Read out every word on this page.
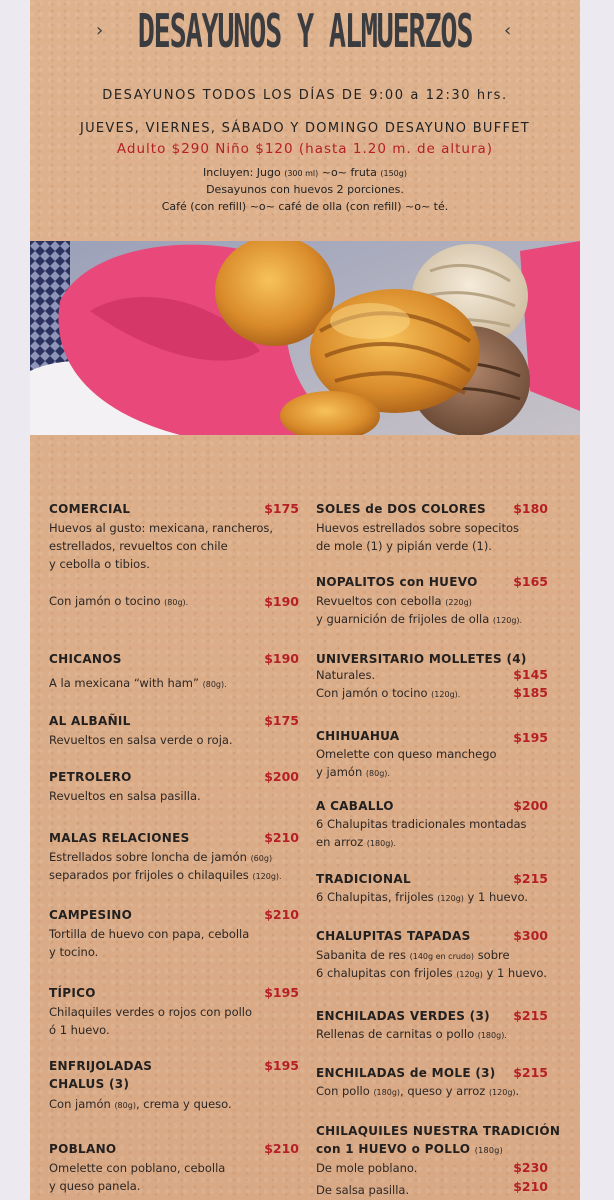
› DESAYUNOS Y ALMUERZOS ‹
DESAYUNOS TODOS LOS DÍAS DE 9:00 a 12:30 hrs.
JUEVES, VIERNES, SÁBADO Y DOMINGO DESAYUNO BUFFET
Adulto $290 Niño $120 (hasta 1.20 m. de altura)
Incluyen: Jugo (300 ml) ~o~ fruta (150g)
Desayunos con huevos 2 porciones.
Café (con refill) ~o~ café de olla (con refill) ~o~ té.
COMERCIAL	$175
Huevos al gusto: mexicana, rancheros,
estrellados, revueltos con chile
y cebolla o tibios.
Con jamón o tocino (80g).	$190
CHICANOS	$190
A la mexicana “with ham” (80g).
AL ALBAÑIL	$175
Revueltos en salsa verde o roja.
PETROLERO	$200
Revueltos en salsa pasilla.
MALAS RELACIONES	$210
Estrellados sobre loncha de jamón (60g)
separados por frijoles o chilaquiles (120g).
CAMPESINO	$210
Tortilla de huevo con papa, cebolla
y tocino.
TÍPICO	$195
Chilaquiles verdes o rojos con pollo
ó 1 huevo.
ENFRIJOLADAS
CHALUS (3)
$195
Con jamón (80g), crema y queso.
POBLANO	$210
Omelette con poblano, cebolla
y queso panela.
SOLES de DOS COLORES $180
Huevos estrellados sobre sopecitos
de mole (1) y pipián verde (1).
NOPALITOS con HUEVO	$165
Revueltos con cebolla (220g)
y guarnición de frijoles de olla (120g).
UNIVERSITARIO MOLLETES (4)
Naturales.	$145
Con jamón o tocino (120g).	$185
CHIHUAHUA	$195
Omelette con queso manchego
y jamón (80g).
A CABALLO	$200
6 Chalupitas tradicionales montadas
en arroz (180g).
TRADICIONAL	$215
6 Chalupitas, frijoles (120g) y 1 huevo.
CHALUPITAS TAPADAS	$300
Sabanita de res (140g en crudo) sobre
6 chalupitas con frijoles (120g) y 1 huevo.
ENCHILADAS VERDES (3) $215
Rellenas de carnitas o pollo (180g).
ENCHILADAS de MOLE (3) $215
Con pollo (180g), queso y arroz (120g).
CHILAQUILES NUESTRA TRADICIÓN
con 1 HUEVO o POLLO (180g)
De mole poblano.	$230
De salsa pasilla.	$210
